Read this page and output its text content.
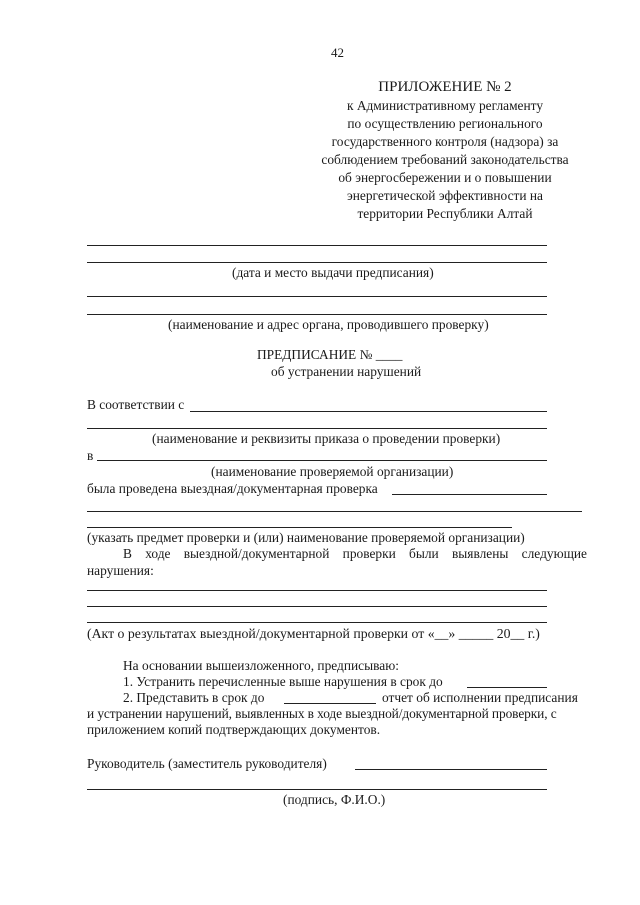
42
ПРИЛОЖЕНИЕ № 2
к Административному регламенту
по осуществлению регионального
государственного контроля (надзора) за
соблюдением требований законодательства
об энергосбережении и о повышении
энергетической эффективности на
территории Республики Алтай
(дата и место выдачи предписания)
(наименование и адрес органа, проводившего проверку)
ПРЕДПИСАНИЕ № ____
об устранении нарушений
В соответствии с
(наименование и реквизиты приказа о проведении проверки)
в
(наименование проверяемой организации)
была проведена выездная/документарная проверка
(указать предмет проверки и (или) наименование проверяемой организации)
В ходе выездной/документарной проверки были выявлены следующие
нарушения:
(Акт о результатах выездной/документарной проверки от «__» _____ 20__ г.)
На основании вышеизложенного, предписываю:
1. Устранить перечисленные выше нарушения в срок до
2. Представить в срок до	отчет об исполнении предписания
и устранении нарушений, выявленных в ходе выездной/документарной проверки, с
приложением копий подтверждающих документов.
Руководитель (заместитель руководителя)
(подпись, Ф.И.О.)
